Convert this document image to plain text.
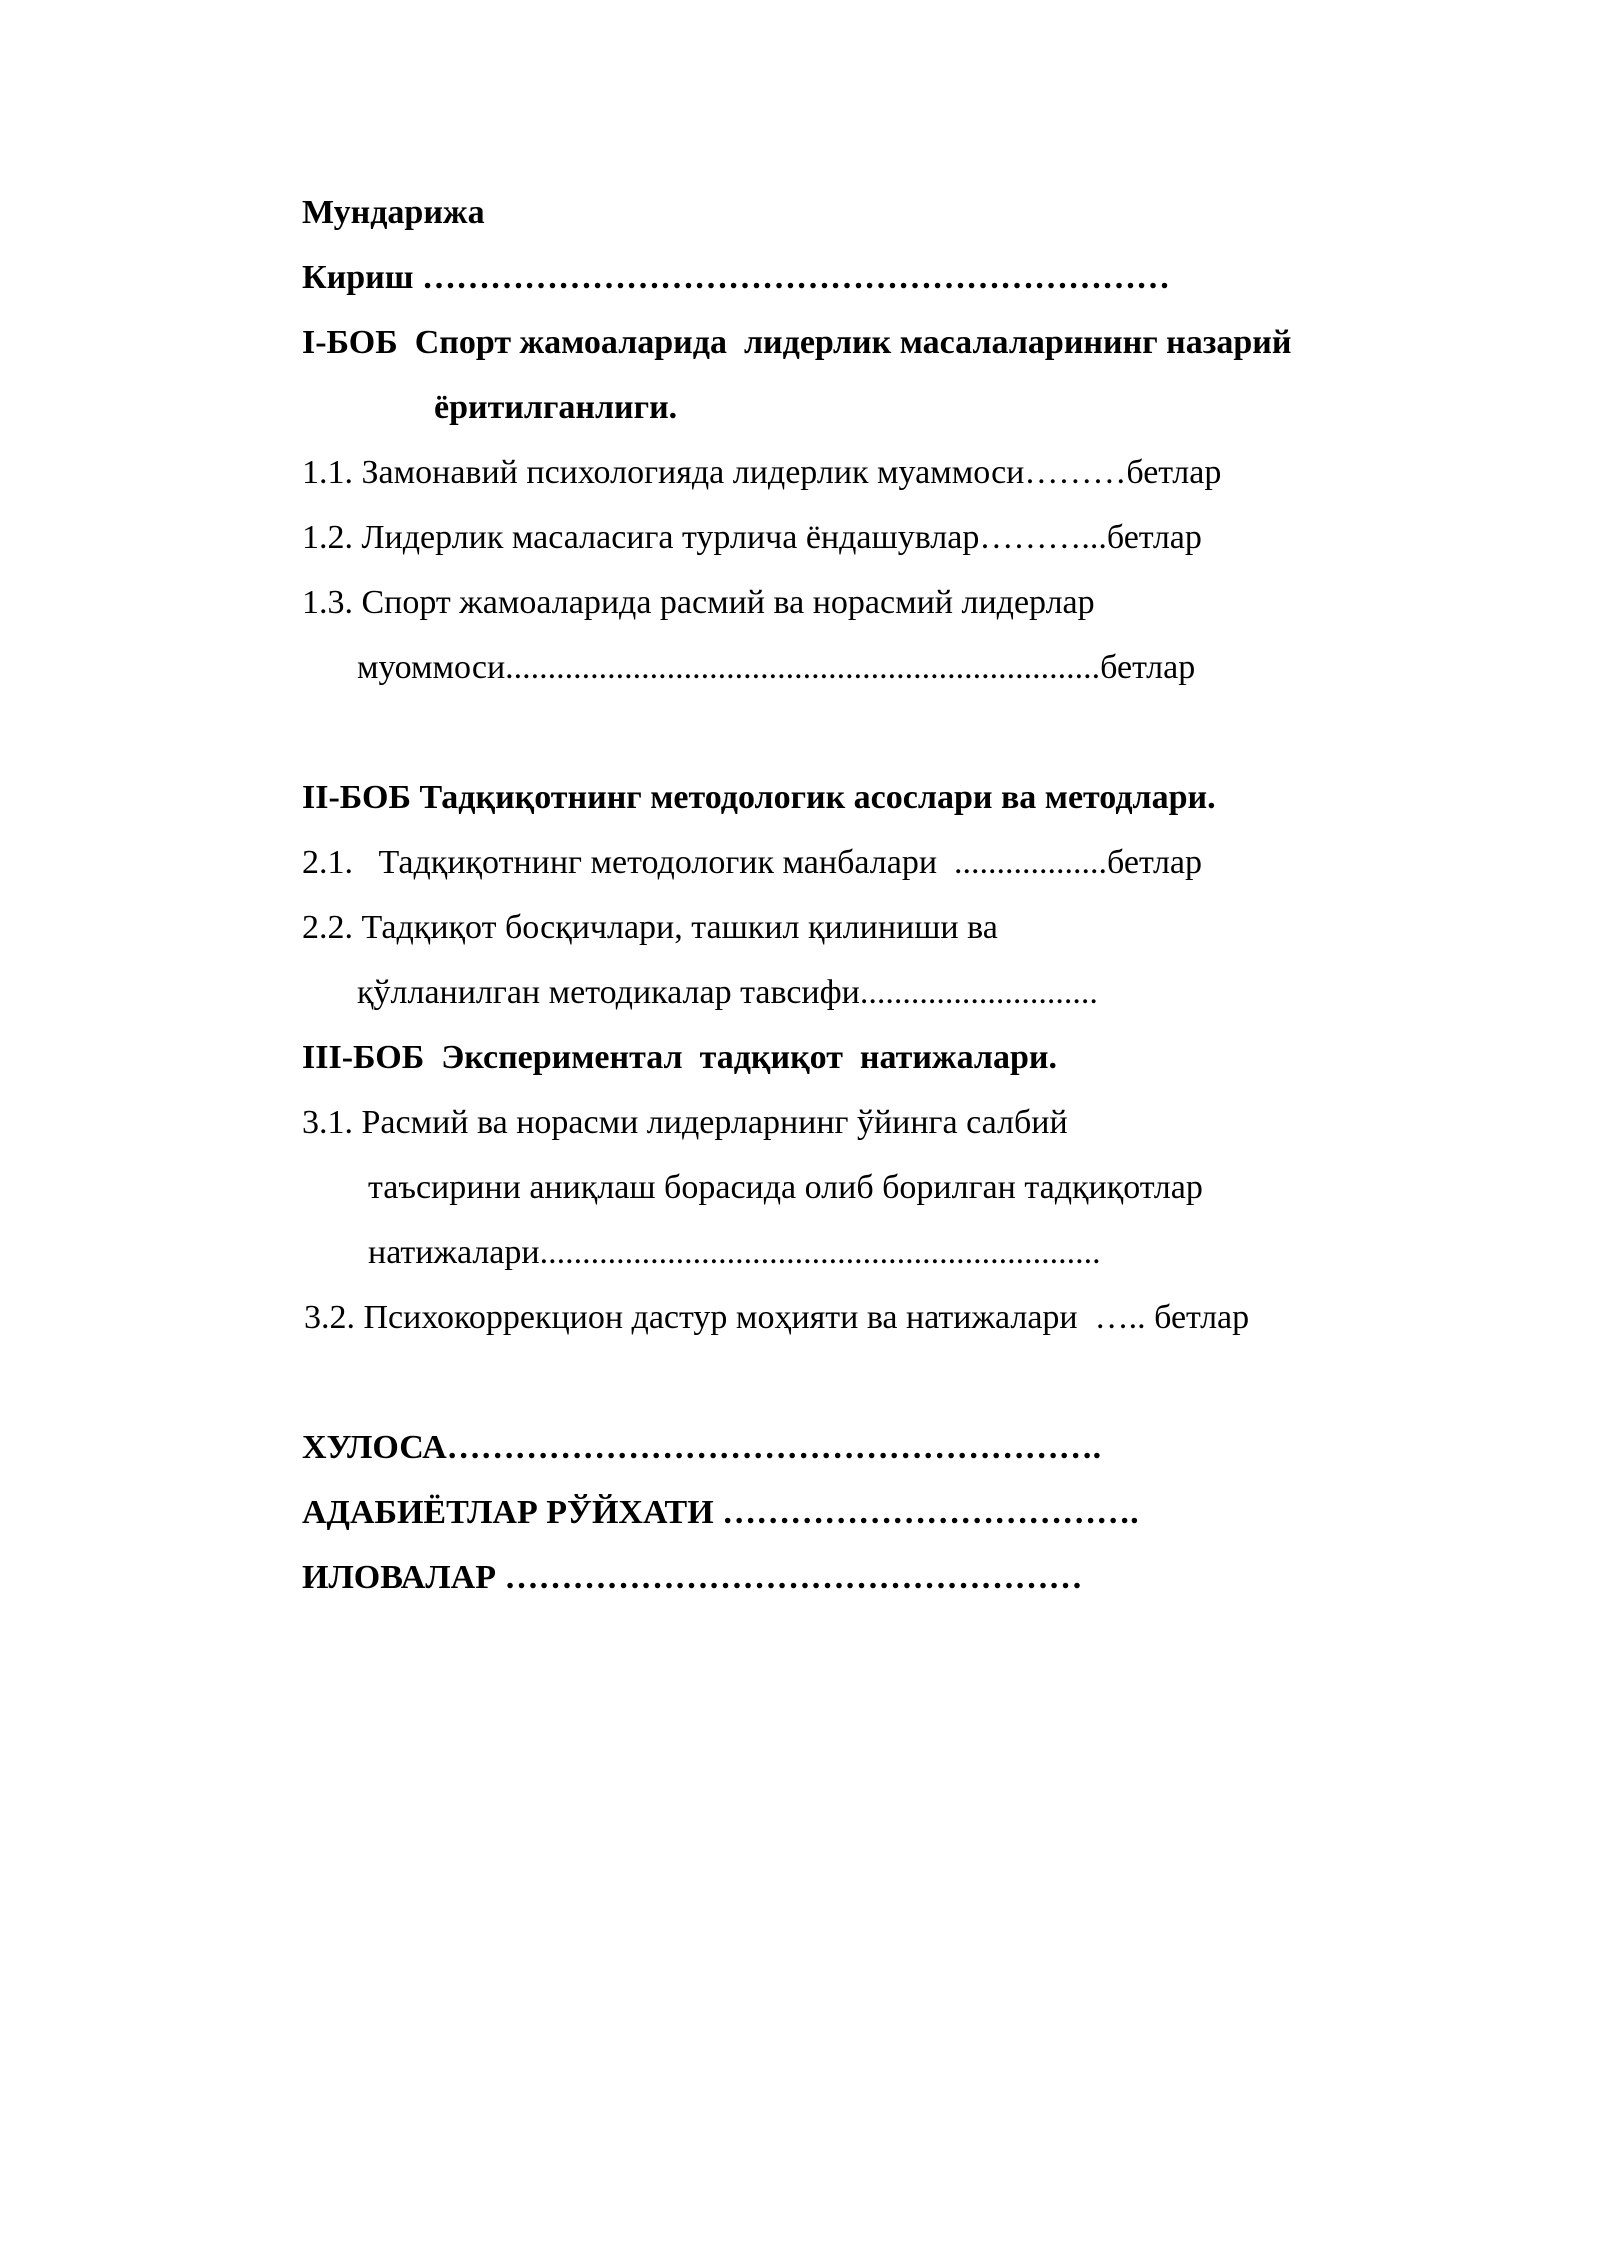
Мундарижа
Кириш …………………………………………………………
I-БОБ  Спорт жамоаларида  лидерлик масалаларининг назарий
ёритилганлиги.
1.1. Замонавий психологияда лидерлик муаммоси………бетлар
1.2. Лидерлик масаласига турлича ёндашувлар………...бетлар
1.3. Спорт жамоаларида расмий ва норасмий лидерлар
муоммоси......................................................................бетлар
II-БОБ Тадқиқотнинг методологик асослари ва методлари.
2.1.   Тадқиқотнинг методологик манбалари  ..................бетлар
2.2. Тадқиқот босқичлари, ташкил қилиниши ва
қўлланилган методикалар тавсифи............................
III-БОБ  Экспериментал  тадқиқот  натижалари.
3.1. Расмий ва норасми лидерларнинг ўйинга салбий
таъсирини аниқлаш борасида олиб борилган тадқиқотлар
натижалари..................................................................
3.2. Психокоррекцион дастур моҳияти ва натижалари  ….. бетлар
ХУЛОСА………………………………………………….
АДАБИЁТЛАР РЎЙХАТИ ……………………………….
ИЛОВАЛАР ……………………………………………
